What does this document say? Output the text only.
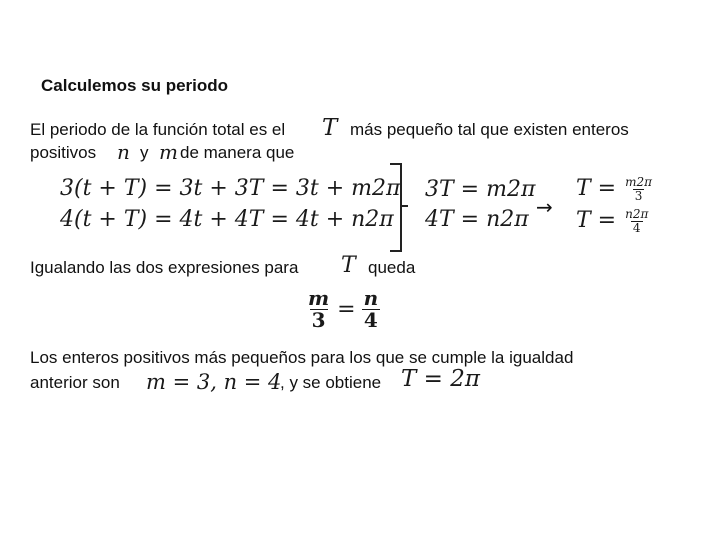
Calculemos su periodo
El periodo de la función total es el T más pequeño tal que existen enteros
positivos n y m de manera que
3(t + T) = 3t + 3T = 3t + m2π
4(t + T) = 4t + 4T = 4t + n2π
3T = m2π
4T = n2π →
$T = \frac{m2\pi}{3}$
$T = \frac{n2\pi}{4}$
Igualando las dos expresiones para T queda
$\frac{m}{3} = \frac{n}{4}$
Los enteros positivos más pequeños para los que se cumple la igualdad
anterior son m = 3, n = 4
, y se obtiene T = 2π
